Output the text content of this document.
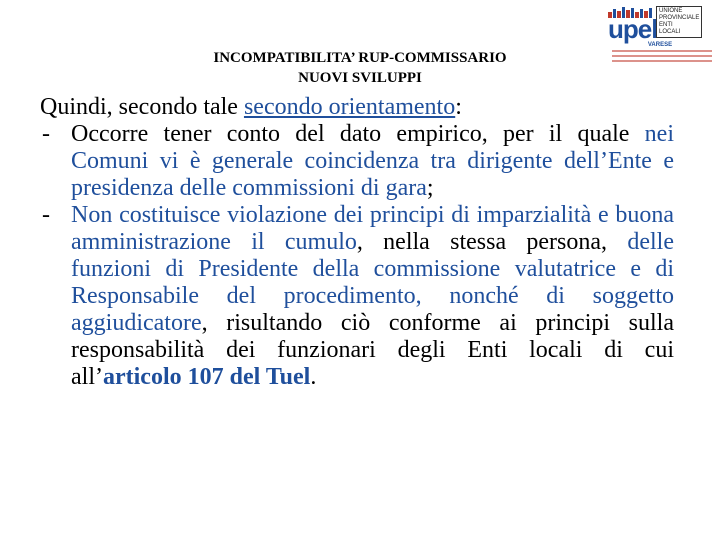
INCOMPATIBILITA’ RUP-COMMISSARIO
NUOVI SVILUPPI
upel
UNIONE
PROVINCIALE
ENTI
LOCALI
VARESE

Quindi, secondo tale secondo orientamento:

- Occorre tener conto del dato empirico, per il quale nei Comuni vi è generale coincidenza tra dirigente dell’Ente e presidenza delle commissioni di gara;
- Non costituisce violazione dei principi di imparzialità e buona amministrazione il cumulo, nella stessa persona, delle funzioni di Presidente della commissione valutatrice e di Responsabile del procedimento, nonché di soggetto aggiudicatore, risultando ciò conforme ai principi sulla responsabilità dei funzionari degli Enti locali di cui all’articolo 107 del Tuel.
